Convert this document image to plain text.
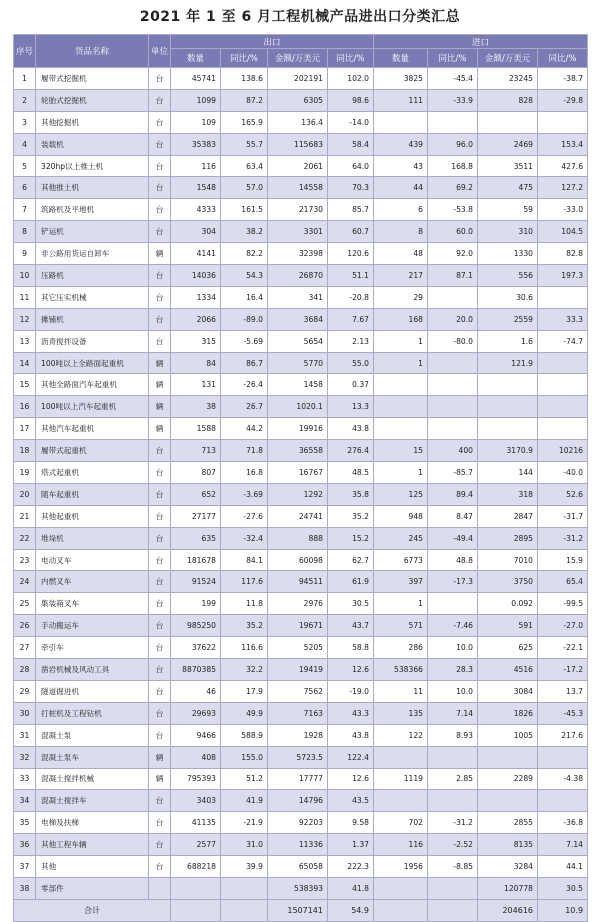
2021 年 1 至 6 月工程机械产品进出口分类汇总
序号	货品名称	单位	出口				进口			
			数量	同比/%	金额/万美元	同比/%	数量	同比/%	金额/万美元	同比/%
1	履带式挖掘机	台	45741	138.6	202191	102.0	3825	-45.4	23245	-38.7
2	轮胎式挖掘机	台	1099	87.2	6305	98.6	111	-33.9	828	-29.8
3	其他挖掘机	台	109	165.9	136.4	-14.0				
4	装载机	台	35383	55.7	115683	58.4	439	96.0	2469	153.4
5	320hp以上推土机	台	116	63.4	2061	64.0	43	168.8	3511	427.6
6	其他推土机	台	1548	57.0	14558	70.3	44	69.2	475	127.2
7	筑路机及平地机	台	4333	161.5	21730	85.7	6	-53.8	59	-33.0
8	铲运机	台	304	38.2	3301	60.7	8	60.0	310	104.5
9	非公路用货运自卸车	辆	4141	82.2	32398	120.6	48	92.0	1330	82.8
10	压路机	台	14036	54.3	26870	51.1	217	87.1	556	197.3
11	其它压实机械	台	1334	16.4	341	-20.8	29		30.6	
12	摊铺机	台	2066	-89.0	3684	7.67	168	20.0	2559	33.3
13	沥青搅拌设备	台	315	-5.69	5654	2.13	1	-80.0	1.6	-74.7
14	100吨以上全路面起重机	辆	84	86.7	5770	55.0	1		121.9	
15	其他全路面汽车起重机	辆	131	-26.4	1458	0.37				
16	100吨以上汽车起重机	辆	38	26.7	1020.1	13.3				
17	其他汽车起重机	辆	1588	44.2	19916	43.8				
18	履带式起重机	台	713	71.8	36558	276.4	15	400	3170.9	10216
19	塔式起重机	台	807	16.8	16767	48.5	1	-85.7	144	-40.0
20	随车起重机	台	652	-3.69	1292	35.8	125	89.4	318	52.6
21	其他起重机	台	27177	-27.6	24741	35.2	948	8.47	2847	-31.7
22	堆垛机	台	635	-32.4	888	15.2	245	-49.4	2895	-31.2
23	电动叉车	台	181678	84.1	60098	62.7	6773	48.8	7010	15.9
24	内燃叉车	台	91524	117.6	94511	61.9	397	-17.3	3750	65.4
25	集装箱叉车	台	199	11.8	2976	30.5	1		0.092	-99.5
26	手动搬运车	台	985250	35.2	19671	43.7	571	-7.46	591	-27.0
27	牵引车	台	37622	116.6	5205	58.8	286	10.0	625	-22.1
28	凿岩机械及风动工具	台	8870385	32.2	19419	12.6	538366	28.3	4516	-17.2
29	隧道掘进机	台	46	17.9	7562	-19.0	11	10.0	3084	13.7
30	打桩机及工程钻机	台	29693	49.9	7163	43.3	135	7.14	1826	-45.3
31	混凝土泵	台	9466	588.9	1928	43.8	122	8.93	1005	217.6
32	混凝土泵车	辆	408	155.0	5723.5	122.4				
33	混凝土搅拌机械	辆	795393	51.2	17777	12.6	1119	2.85	2289	-4.38
34	混凝土搅拌车	台	3403	41.9	14796	43.5				
35	电梯及扶梯	台	41135	-21.9	92203	9.58	702	-31.2	2855	-36.8
36	其他工程车辆	台	2577	31.0	11336	1.37	116	-2.52	8135	7.14
37	其他	台	688218	39.9	65058	222.3	1956	-8.85	3284	44.1
38	零部件				538393	41.8			120778	30.5
合计					1507141	54.9			204616	10.9
